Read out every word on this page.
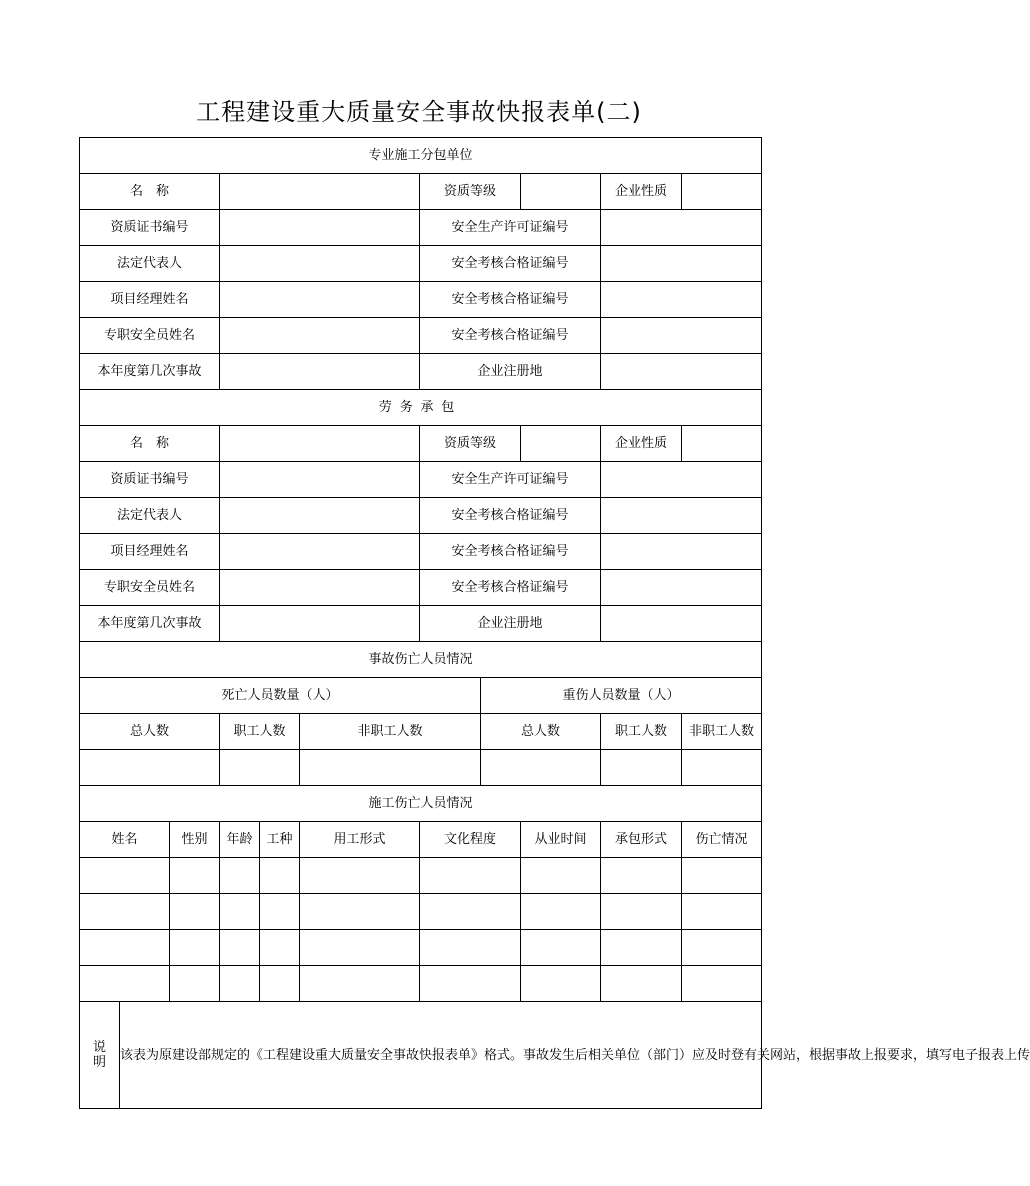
工程建设重大质量安全事故快报表单(二)
专业施工分包单位										
名　称						资质等级			企业性质	
资质证书编号						安全生产许可证编号				
法定代表人						安全考核合格证编号				
项目经理姓名						安全考核合格证编号				
专职安全员姓名						安全考核合格证编号				
本年度第几次事故						企业注册地				
劳务承包										
名　称						资质等级			企业性质	
资质证书编号						安全生产许可证编号				
法定代表人						安全考核合格证编号				
项目经理姓名						安全考核合格证编号				
专职安全员姓名						安全考核合格证编号				
本年度第几次事故						企业注册地				
事故伤亡人员情况										
死亡人员数量（人）							重伤人员数量（人）			
总人数			职工人数		非职工人数		总人数		职工人数	非职工人数

施工伤亡人员情况										
姓名		性别	年龄	工种	用工形式	文化程度		从业时间	承包形式	伤亡情况

说
明	该表为原建设部规定的《工程建设重大质量安全事故快报表单》格式。事故发生后相关单位（部门）应及时登有关网站，根据事故上报要求，填写电子报表上传									
